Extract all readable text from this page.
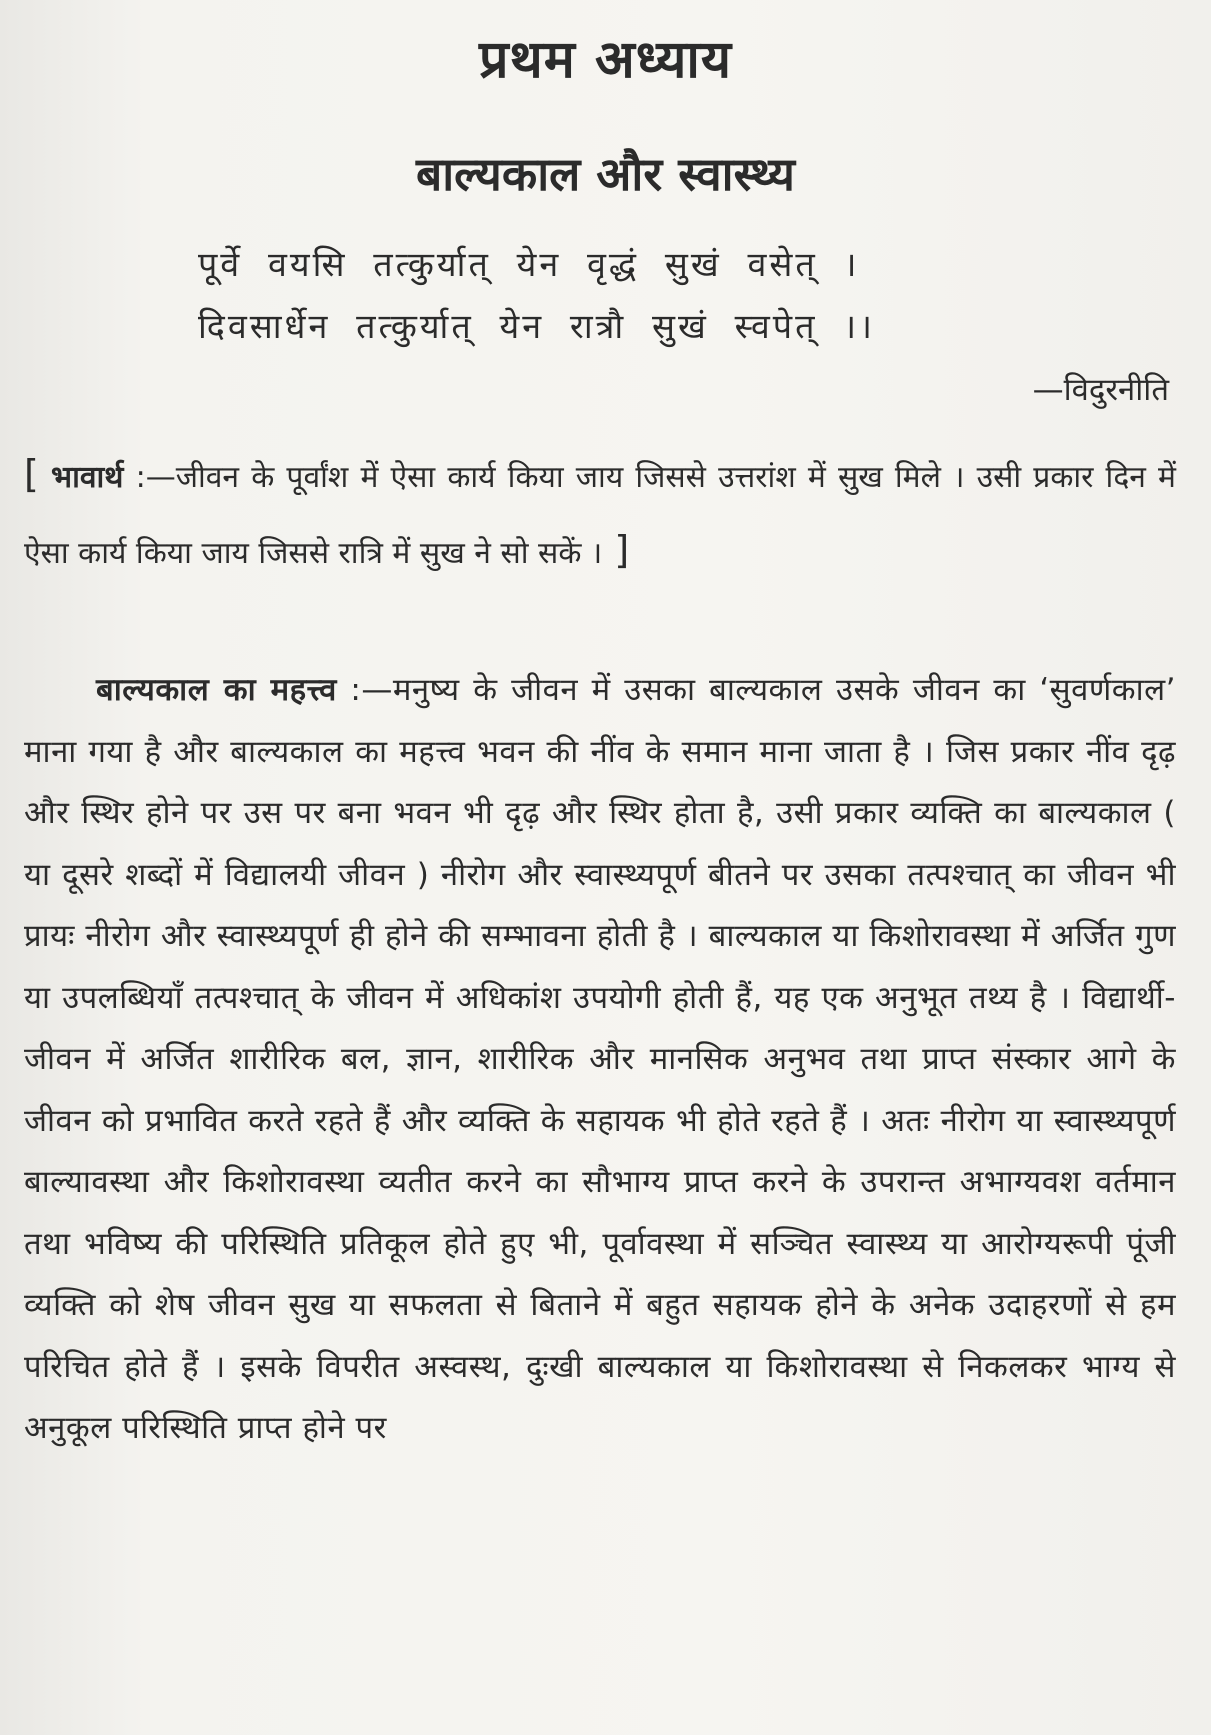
प्रथम अध्याय
बाल्यकाल और स्वास्थ्य
पूर्वे वयसि तत्कुर्यात् येन वृद्धं सुखं वसेत् ।
दिवसार्धेन तत्कुर्यात् येन रात्रौ सुखं स्वपेत् ।।
—विदुरनीति

[ भावार्थ :—जीवन के पूर्वांश में ऐसा कार्य किया जाय जिससे उत्तरांश में सुख मिले । उसी प्रकार दिन में ऐसा कार्य किया जाय जिससे रात्रि में सुख ने सो सकें । ]

बाल्यकाल का महत्त्व :—मनुष्य के जीवन में उसका बाल्यकाल उसके जीवन का ‘सुवर्णकाल’ माना गया है और बाल्यकाल का महत्त्व भवन की नींव के समान माना जाता है । जिस प्रकार नींव दृढ़ और स्थिर होने पर उस पर बना भवन भी दृढ़ और स्थिर होता है, उसी प्रकार व्यक्ति का बाल्यकाल ( या दूसरे शब्दों में विद्यालयी जीवन ) नीरोग और स्वास्थ्यपूर्ण बीतने पर उसका तत्पश्चात् का जीवन भी प्रायः नीरोग और स्वास्थ्यपूर्ण ही होने की सम्भावना होती है । बाल्यकाल या किशोरावस्था में अर्जित गुण या उपलब्धियाँ तत्पश्चात् के जीवन में अधिकांश उपयोगी होती हैं, यह एक अनुभूत तथ्य है । विद्यार्थी-जीवन में अर्जित शारीरिक बल, ज्ञान, शारीरिक और मानसिक अनुभव तथा प्राप्त संस्कार आगे के जीवन को प्रभावित करते रहते हैं और व्यक्ति के सहायक भी होते रहते हैं । अतः नीरोग या स्वास्थ्यपूर्ण बाल्यावस्था और किशोरावस्था व्यतीत करने का सौभाग्य प्राप्त करने के उपरान्त अभाग्यवश वर्तमान तथा भविष्य की परिस्थिति प्रतिकूल होते हुए भी, पूर्वावस्था में सञ्चित स्वास्थ्य या आरोग्यरूपी पूंजी व्यक्ति को शेष जीवन सुख या सफलता से बिताने में बहुत सहायक होने के अनेक उदाहरणों से हम परिचित होते हैं । इसके विपरीत अस्वस्थ, दुःखी बाल्यकाल या किशोरावस्था से निकलकर भाग्य से अनुकूल परिस्थिति प्राप्त होने पर
